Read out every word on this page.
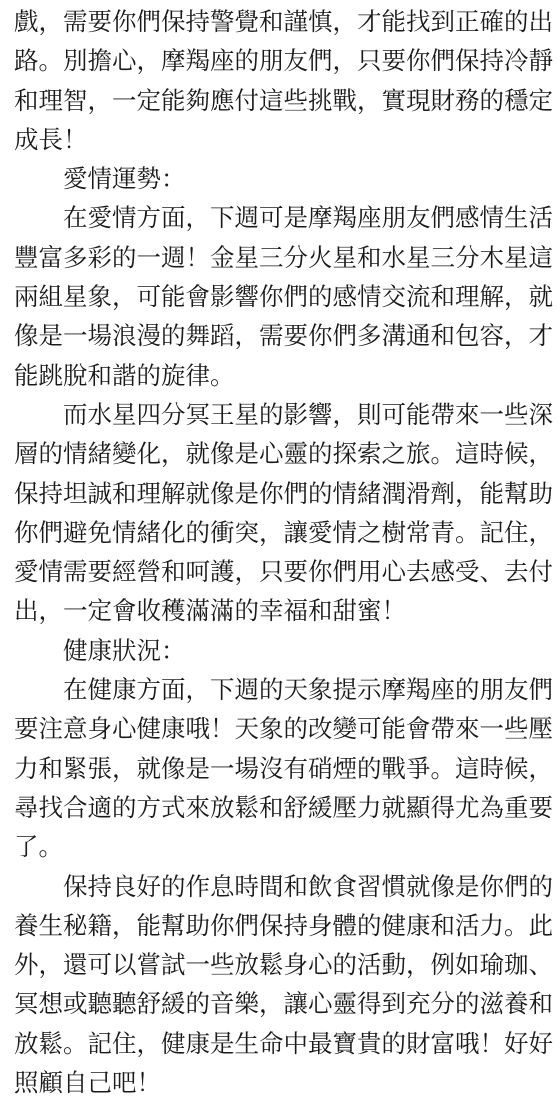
戲，需要你們保持警覺和謹慎，才能找到正確的出
路。別擔心，摩羯座的朋友們，只要你們保持冷靜
和理智，一定能夠應付這些挑戰，實現財務的穩定
成長！

愛情運勢：

在愛情方面，下週可是摩羯座朋友們感情生活
豐富多彩的一週！金星三分火星和水星三分木星這
兩組星象，可能會影響你們的感情交流和理解，就
像是一場浪漫的舞蹈，需要你們多溝通和包容，才
能跳脫和諧的旋律。

而水星四分冥王星的影響，則可能帶來一些深
層的情緒變化，就像是心靈的探索之旅。這時候，
保持坦誠和理解就像是你們的情緒潤滑劑，能幫助
你們避免情緒化的衝突，讓愛情之樹常青。記住，
愛情需要經營和呵護，只要你們用心去感受、去付
出，一定會收穫滿滿的幸福和甜蜜！

健康狀況：

在健康方面，下週的天象提示摩羯座的朋友們
要注意身心健康哦！天象的改變可能會帶來一些壓
力和緊張，就像是一場沒有硝煙的戰爭。這時候，
尋找合適的方式來放鬆和舒緩壓力就顯得尤為重要
了。

保持良好的作息時間和飲食習慣就像是你們的
養生秘籍，能幫助你們保持身體的健康和活力。此
外，還可以嘗試一些放鬆身心的活動，例如瑜珈、
冥想或聽聽舒緩的音樂，讓心靈得到充分的滋養和
放鬆。記住，健康是生命中最寶貴的財富哦！好好
照顧自己吧！
